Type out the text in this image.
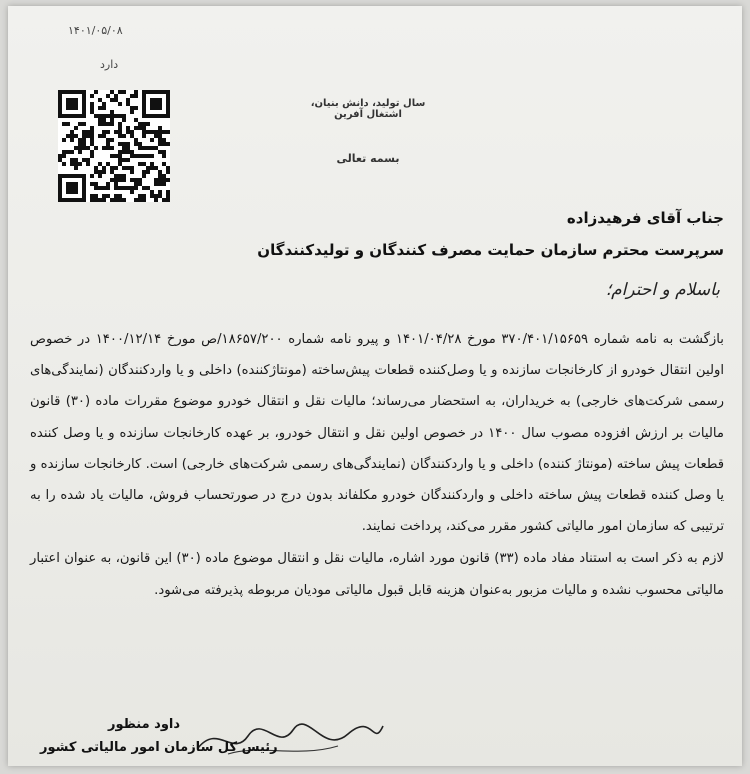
۱۴۰۱/۰۵/۰۸
دارد
سال تولید، دانش بنیان، اشتغال آفرین
بسمه تعالی
جناب آقای فرهیدزاده
سرپرست محترم سازمان حمایت مصرف کنندگان و تولیدکنندگان
باسلام و احترام؛

بازگشت به نامه شماره ۳۷۰/۴۰۱/۱۵۶۵۹ مورخ ۱۴۰۱/۰۴/۲۸ و پیرو نامه شماره ۱۸۶۵۷/۲۰۰/ص مورخ ۱۴۰۰/۱۲/۱۴ در خصوص اولین انتقال خودرو از کارخانجات سازنده و یا وصل‌کننده قطعات پیش‌ساخته (مونتاژکننده) داخلی و یا واردکنندگان (نمایندگی‌های رسمی شرکت‌های خارجی) به خریداران، به استحضار می‌رساند؛ مالیات نقل و انتقال خودرو موضوع مقررات ماده (۳۰) قانون مالیات بر ارزش افزوده مصوب سال ۱۴۰۰ در خصوص اولین نقل و انتقال خودرو، بر عهده کارخانجات سازنده و یا وصل کننده قطعات پیش ساخته (مونتاژ کننده) داخلی و یا واردکنندگان (نمایندگی‌های رسمی شرکت‌های خارجی) است. کارخانجات سازنده و یا وصل کننده قطعات پیش ساخته داخلی و واردکنندگان خودرو مکلفاند بدون درج در صورتحساب فروش، مالیات یاد شده را به ترتیبی که سازمان امور مالیاتی کشور مقرر می‌کند، پرداخت نمایند.

لازم به ذکر است به استناد مفاد ماده (۳۳) قانون مورد اشاره، مالیات نقل و انتقال موضوع ماده (۳۰) این قانون، به عنوان اعتبار مالیاتی محسوب نشده و مالیات مزبور به‌عنوان هزینه قابل قبول مالیاتی مودیان مربوطه پذیرفته می‌شود.

داود منظور
رئیس کل سازمان امور مالیاتی کشور
